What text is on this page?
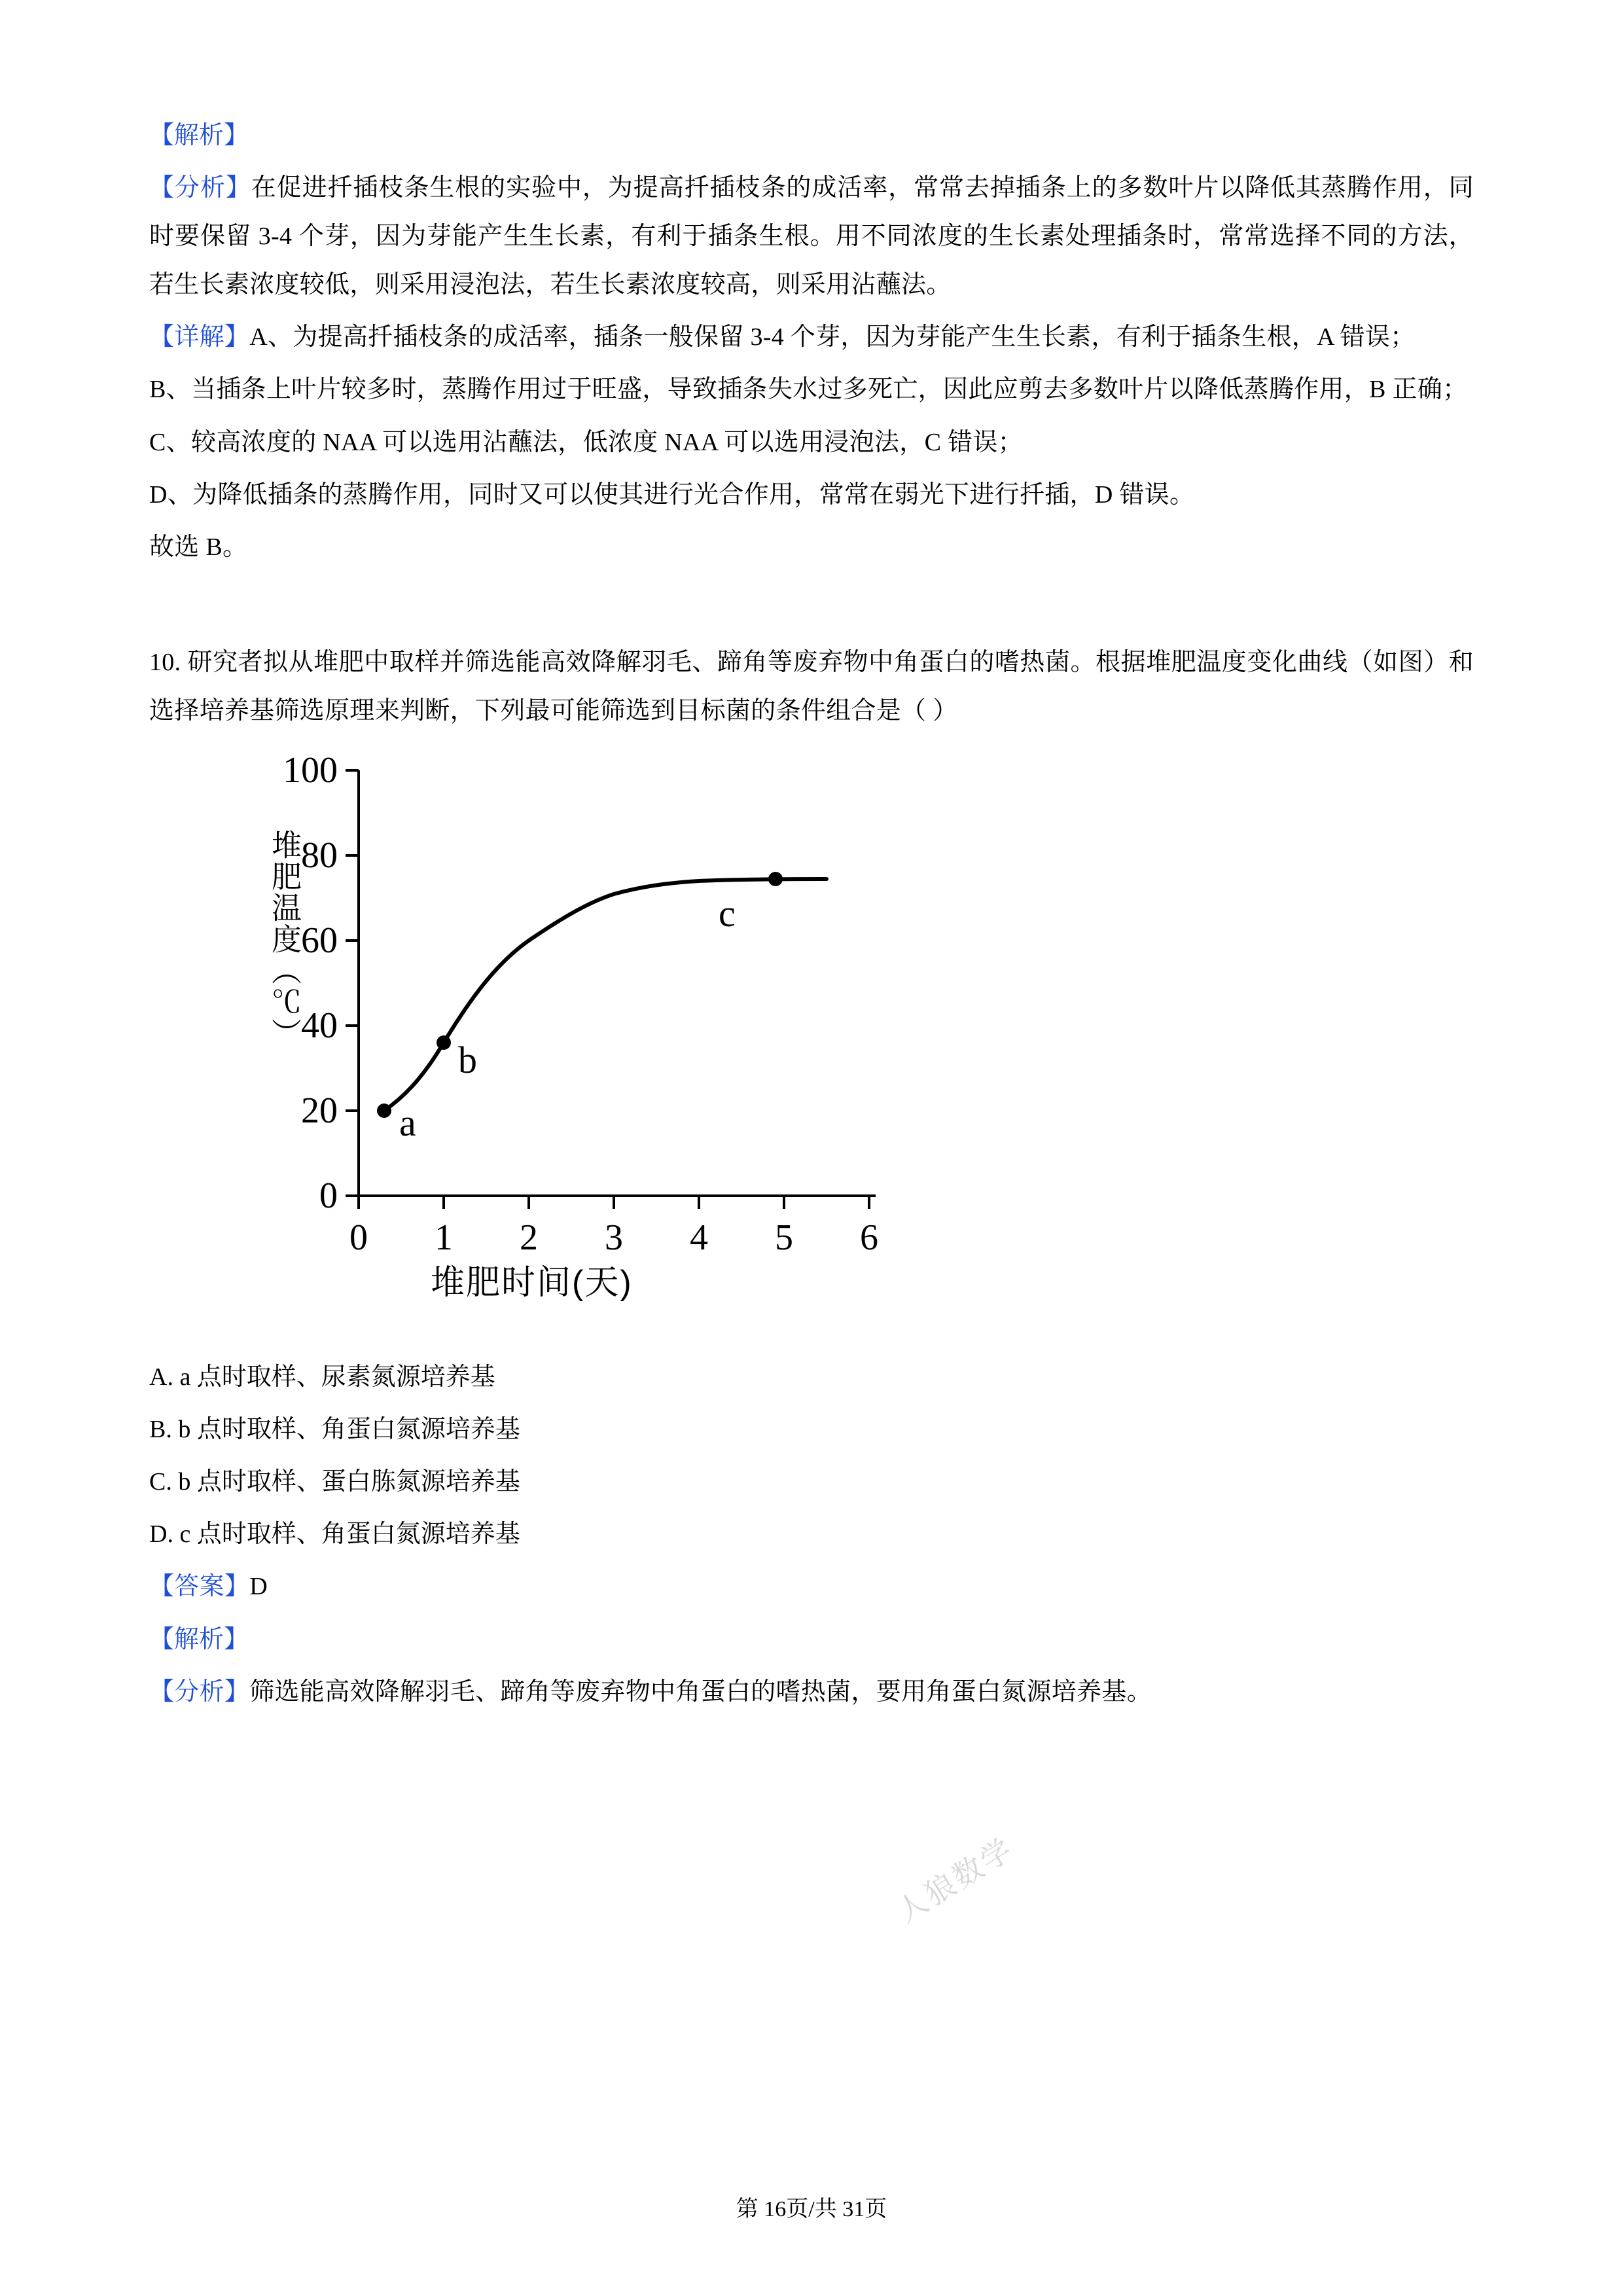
【解析】

【分析】在促进扦插枝条生根的实验中，为提高扦插枝条的成活率，常常去掉插条上的多数叶片以降低其蒸腾作用，同时要保留 3-4 个芽，因为芽能产生生长素，有利于插条生根。用不同浓度的生长素处理插条时，常常选择不同的方法，若生长素浓度较低，则采用浸泡法，若生长素浓度较高，则采用沾蘸法。

【详解】A、为提高扦插枝条的成活率，插条一般保留 3-4 个芽，因为芽能产生生长素，有利于插条生根，A 错误；

B、当插条上叶片较多时，蒸腾作用过于旺盛，导致插条失水过多死亡，因此应剪去多数叶片以降低蒸腾作用，B 正确；

C、较高浓度的 NAA 可以选用沾蘸法，低浓度 NAA 可以选用浸泡法，C 错误；

D、为降低插条的蒸腾作用，同时又可以使其进行光合作用，常常在弱光下进行扦插，D 错误。

故选 B。

10. 研究者拟从堆肥中取样并筛选能高效降解羽毛、蹄角等废弃物中角蛋白的嗜热菌。根据堆肥温度变化曲线（如图）和选择培养基筛选原理来判断，下列最可能筛选到目标菌的条件组合是（ ）

堆肥温度（℃）
堆肥时间(天)
0
20
40
60
80
100
0 1 2 3 4 5 6
a
b
c
人狼数学

A. a 点时取样、尿素氮源培养基

B. b 点时取样、角蛋白氮源培养基

C. b 点时取样、蛋白胨氮源培养基

D. c 点时取样、角蛋白氮源培养基

【答案】D

【解析】

【分析】筛选能高效降解羽毛、蹄角等废弃物中角蛋白的嗜热菌，要用角蛋白氮源培养基。

第 16页/共 31页
